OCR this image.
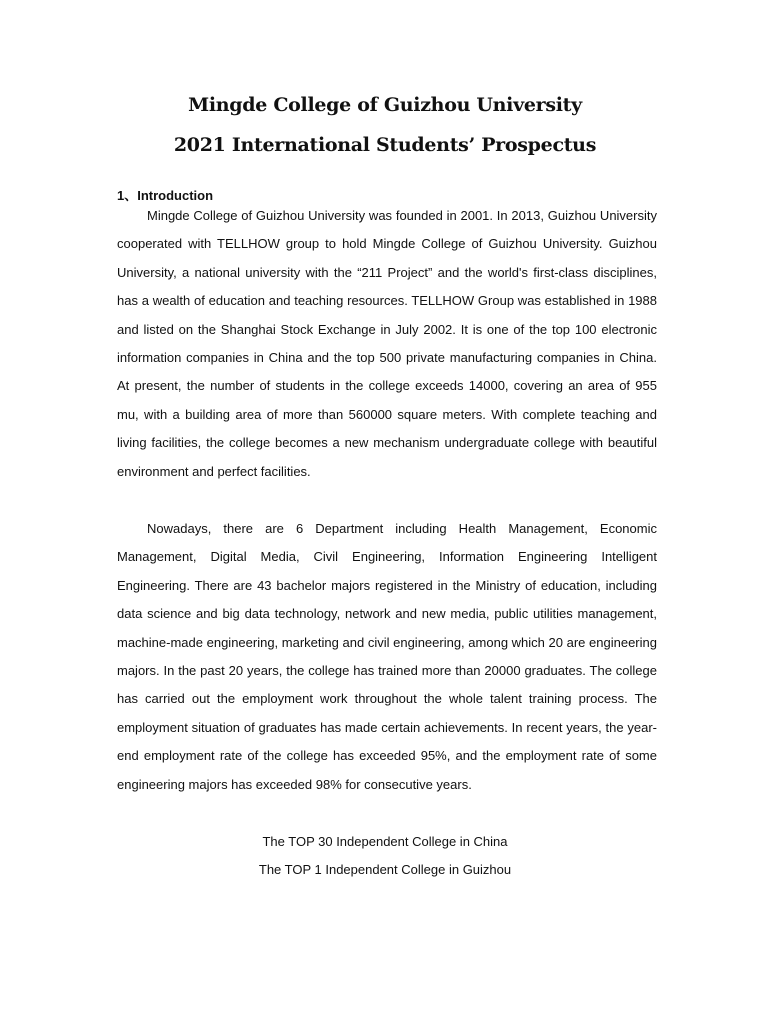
Mingde College of Guizhou University
2021 International Students’ Prospectus
1、Introduction

Mingde College of Guizhou University was founded in 2001. In 2013, Guizhou University cooperated with TELLHOW group to hold Mingde College of Guizhou University. Guizhou University, a national university with the “211 Project” and the world's first-class disciplines, has a wealth of education and teaching resources. TELLHOW Group was established in 1988 and listed on the Shanghai Stock Exchange in July 2002. It is one of the top 100 electronic information companies in China and the top 500 private manufacturing companies in China. At present, the number of students in the college exceeds 14000, covering an area of 955 mu, with a building area of more than 560000 square meters. With complete teaching and living facilities, the college becomes a new mechanism undergraduate college with beautiful environment and perfect facilities.

Nowadays, there are 6 Department including Health Management, Economic Management, Digital Media, Civil Engineering, Information Engineering Intelligent Engineering. There are 43 bachelor majors registered in the Ministry of education, including data science and big data technology, network and new media, public utilities management, machine-made engineering, marketing and civil engineering, among which 20 are engineering majors. In the past 20 years, the college has trained more than 20000 graduates. The college has carried out the employment work throughout the whole talent training process. The employment situation of graduates has made certain achievements. In recent years, the year-end employment rate of the college has exceeded 95%, and the employment rate of some engineering majors has exceeded 98% for consecutive years.

The TOP 30 Independent College in China
The TOP 1 Independent College in Guizhou
